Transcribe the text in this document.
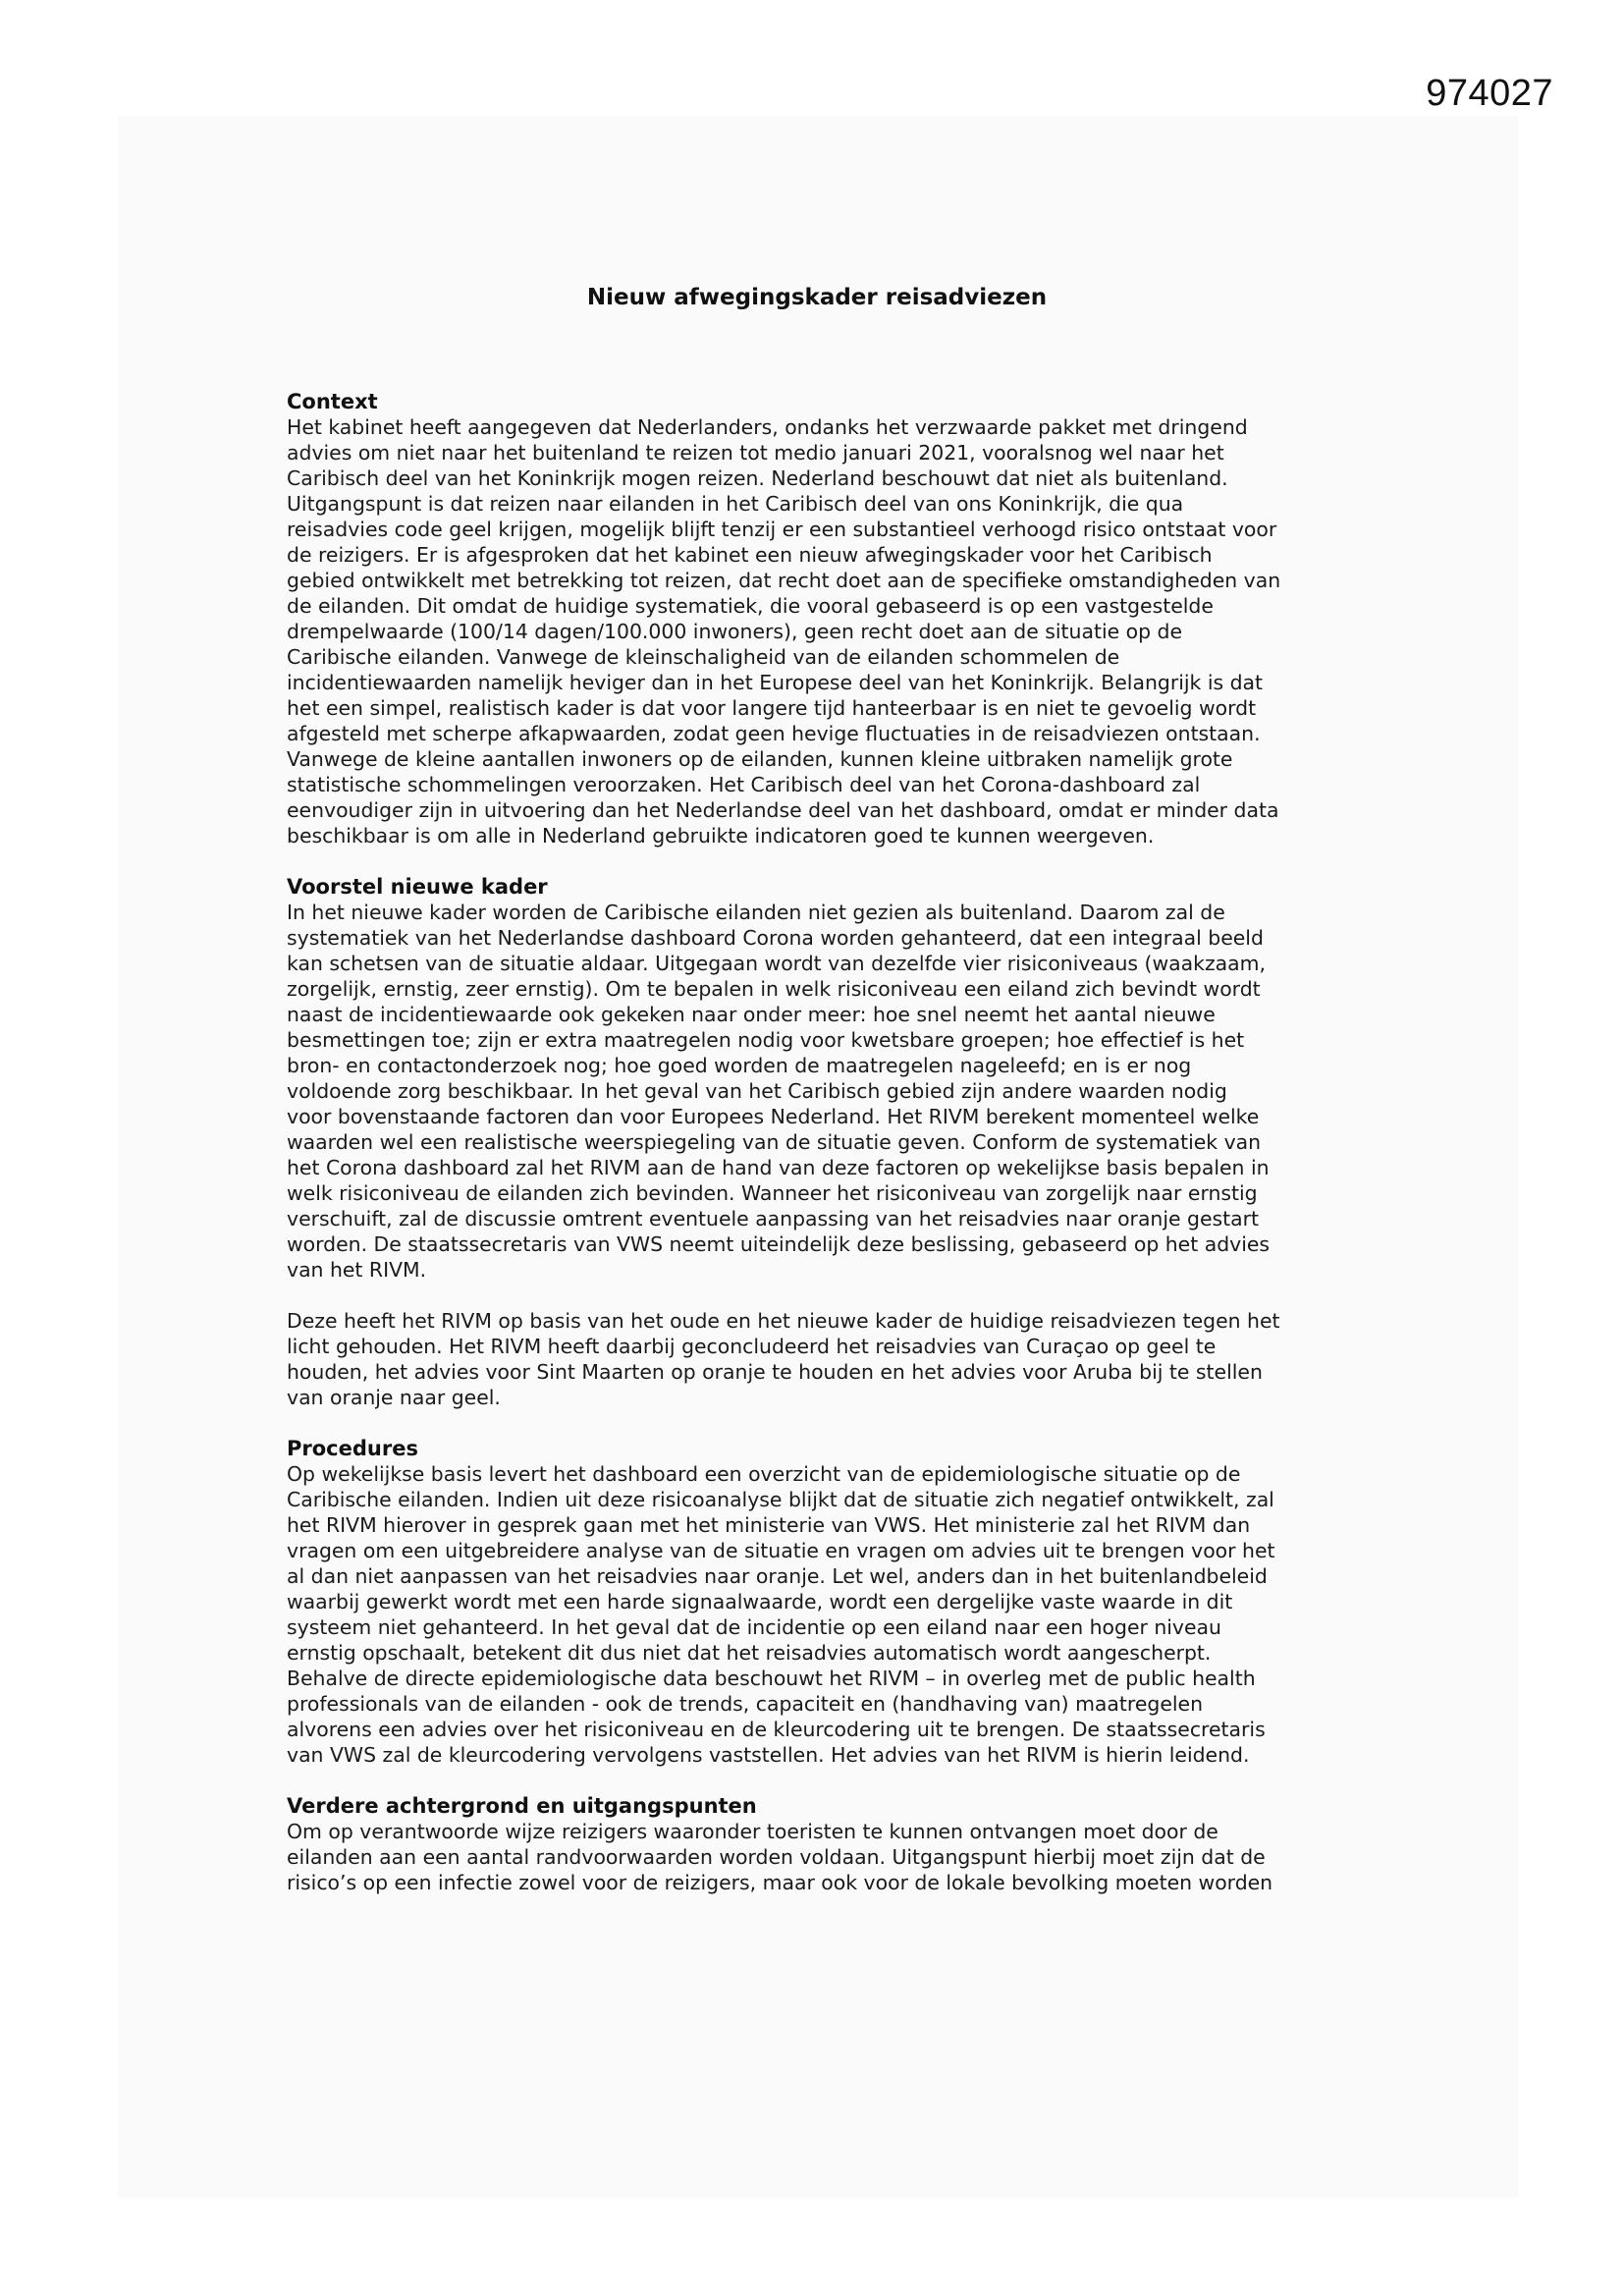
974027
Nieuw afwegingskader reisadviezen
Context

Het kabinet heeft aangegeven dat Nederlanders, ondanks het verzwaarde pakket met dringend
advies om niet naar het buitenland te reizen tot medio januari 2021, vooralsnog wel naar het
Caribisch deel van het Koninkrijk mogen reizen. Nederland beschouwt dat niet als buitenland.
Uitgangspunt is dat reizen naar eilanden in het Caribisch deel van ons Koninkrijk, die qua
reisadvies code geel krijgen, mogelijk blijft tenzij er een substantieel verhoogd risico ontstaat voor
de reizigers. Er is afgesproken dat het kabinet een nieuw afwegingskader voor het Caribisch
gebied ontwikkelt met betrekking tot reizen, dat recht doet aan de specifieke omstandigheden van
de eilanden. Dit omdat de huidige systematiek, die vooral gebaseerd is op een vastgestelde
drempelwaarde (100/14 dagen/100.000 inwoners), geen recht doet aan de situatie op de
Caribische eilanden. Vanwege de kleinschaligheid van de eilanden schommelen de
incidentiewaarden namelijk heviger dan in het Europese deel van het Koninkrijk. Belangrijk is dat
het een simpel, realistisch kader is dat voor langere tijd hanteerbaar is en niet te gevoelig wordt
afgesteld met scherpe afkapwaarden, zodat geen hevige fluctuaties in de reisadviezen ontstaan.
Vanwege de kleine aantallen inwoners op de eilanden, kunnen kleine uitbraken namelijk grote
statistische schommelingen veroorzaken. Het Caribisch deel van het Corona-dashboard zal
eenvoudiger zijn in uitvoering dan het Nederlandse deel van het dashboard, omdat er minder data
beschikbaar is om alle in Nederland gebruikte indicatoren goed te kunnen weergeven.

Voorstel nieuwe kader

In het nieuwe kader worden de Caribische eilanden niet gezien als buitenland. Daarom zal de
systematiek van het Nederlandse dashboard Corona worden gehanteerd, dat een integraal beeld
kan schetsen van de situatie aldaar. Uitgegaan wordt van dezelfde vier risiconiveaus (waakzaam,
zorgelijk, ernstig, zeer ernstig). Om te bepalen in welk risiconiveau een eiland zich bevindt wordt
naast de incidentiewaarde ook gekeken naar onder meer: hoe snel neemt het aantal nieuwe
besmettingen toe; zijn er extra maatregelen nodig voor kwetsbare groepen; hoe effectief is het
bron- en contactonderzoek nog; hoe goed worden de maatregelen nageleefd; en is er nog
voldoende zorg beschikbaar. In het geval van het Caribisch gebied zijn andere waarden nodig
voor bovenstaande factoren dan voor Europees Nederland. Het RIVM berekent momenteel welke
waarden wel een realistische weerspiegeling van de situatie geven. Conform de systematiek van
het Corona dashboard zal het RIVM aan de hand van deze factoren op wekelijkse basis bepalen in
welk risiconiveau de eilanden zich bevinden. Wanneer het risiconiveau van zorgelijk naar ernstig
verschuift, zal de discussie omtrent eventuele aanpassing van het reisadvies naar oranje gestart
worden. De staatssecretaris van VWS neemt uiteindelijk deze beslissing, gebaseerd op het advies
van het RIVM.

Deze heeft het RIVM op basis van het oude en het nieuwe kader de huidige reisadviezen tegen het
licht gehouden. Het RIVM heeft daarbij geconcludeerd het reisadvies van Curaçao op geel te
houden, het advies voor Sint Maarten op oranje te houden en het advies voor Aruba bij te stellen
van oranje naar geel.

Procedures

Op wekelijkse basis levert het dashboard een overzicht van de epidemiologische situatie op de
Caribische eilanden. Indien uit deze risicoanalyse blijkt dat de situatie zich negatief ontwikkelt, zal
het RIVM hierover in gesprek gaan met het ministerie van VWS. Het ministerie zal het RIVM dan
vragen om een uitgebreidere analyse van de situatie en vragen om advies uit te brengen voor het
al dan niet aanpassen van het reisadvies naar oranje. Let wel, anders dan in het buitenlandbeleid
waarbij gewerkt wordt met een harde signaalwaarde, wordt een dergelijke vaste waarde in dit
systeem niet gehanteerd. In het geval dat de incidentie op een eiland naar een hoger niveau
ernstig opschaalt, betekent dit dus niet dat het reisadvies automatisch wordt aangescherpt.
Behalve de directe epidemiologische data beschouwt het RIVM – in overleg met de public health
professionals van de eilanden - ook de trends, capaciteit en (handhaving van) maatregelen
alvorens een advies over het risiconiveau en de kleurcodering uit te brengen. De staatssecretaris
van VWS zal de kleurcodering vervolgens vaststellen. Het advies van het RIVM is hierin leidend.

Verdere achtergrond en uitgangspunten

Om op verantwoorde wijze reizigers waaronder toeristen te kunnen ontvangen moet door de
eilanden aan een aantal randvoorwaarden worden voldaan. Uitgangspunt hierbij moet zijn dat de
risico’s op een infectie zowel voor de reizigers, maar ook voor de lokale bevolking moeten worden
